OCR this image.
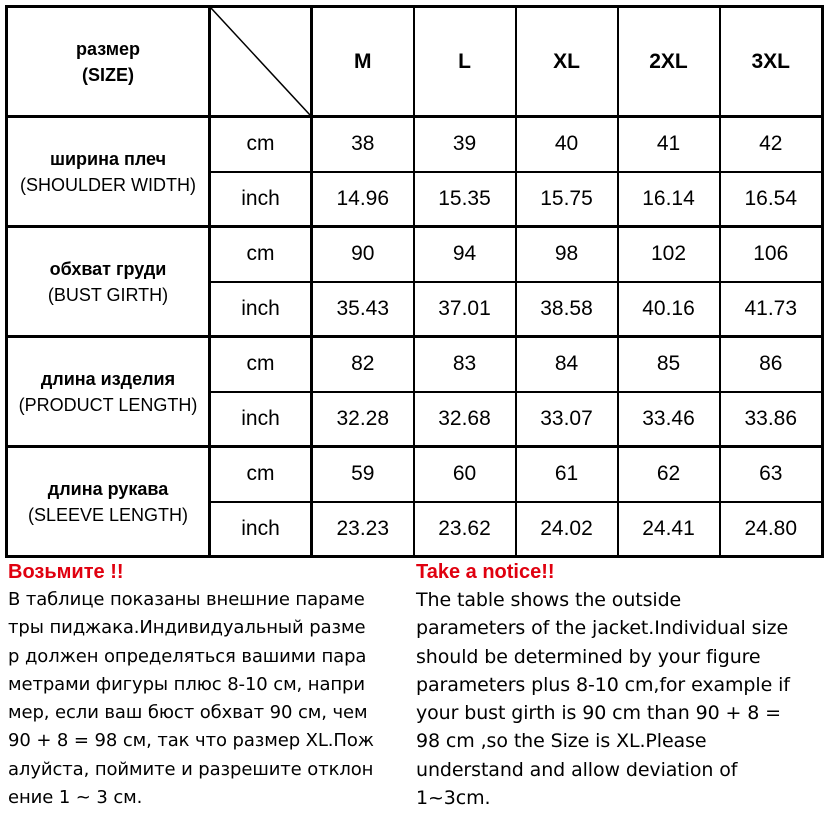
размер
(SIZE)		M	L	XL	2XL	3XL

ширина плеч
(SHOULDER WIDTH)	cm	38	39	40	41	42
	inch	14.96	15.35	15.75	16.14	16.54

обхват груди
(BUST GIRTH)	cm	90	94	98	102	106
	inch	35.43	37.01	38.58	40.16	41.73

длина изделия
(PRODUCT LENGTH)	cm	82	83	84	85	86
	inch	32.28	32.68	33.07	33.46	33.86

длина рукава
(SLEEVE LENGTH)	cm	59	60	61	62	63
	inch	23.23	23.62	24.02	24.41	24.80

Возьмите !!

В таблице показаны внешние параме

тры пиджака.Индивидуальный разме

р должен определяться вашими пара

метрами фигуры плюс 8-10 см, напри

мер, если ваш бюст обхват 90 см, чем

90 + 8 = 98 см, так что размер XL.Пож

алуйста, поймите и разрешите отклон

ение 1 ~ 3 см.

Take a notice!!

The table shows the outside

parameters of the jacket.Individual size

should be determined by your figure

parameters plus 8-10 cm,for example if

your bust girth is 90 cm than 90 + 8 =

98 cm ,so the Size is XL.Please

understand and allow deviation of

1~3cm.
